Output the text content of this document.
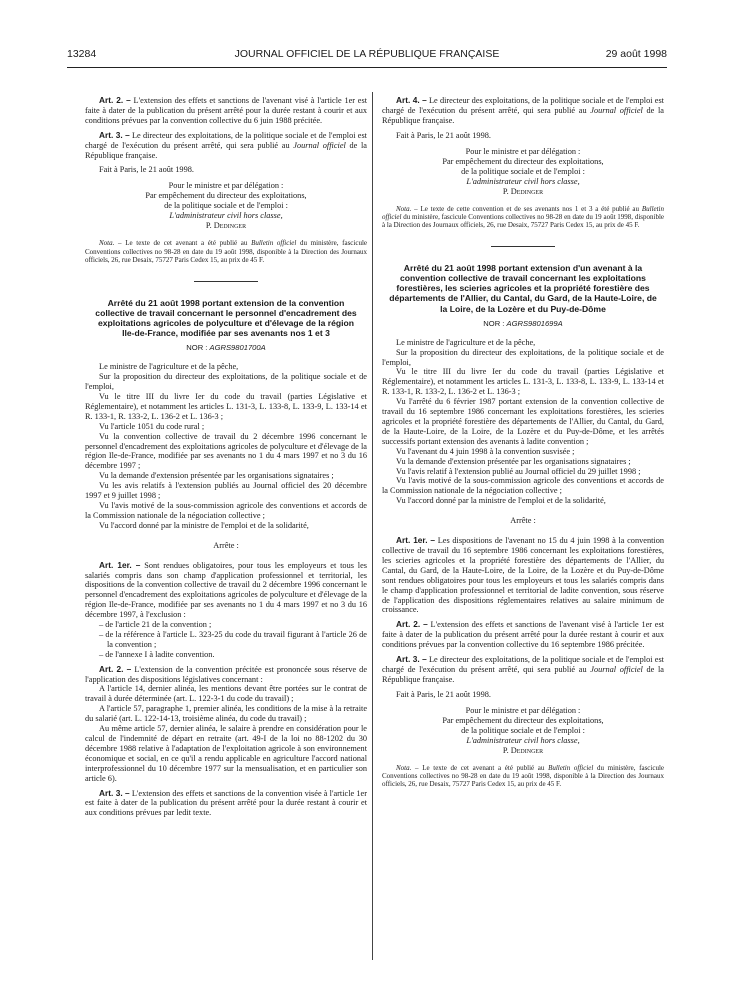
13284	JOURNAL OFFICIEL DE LA RÉPUBLIQUE FRANÇAISE	29 août 1998

Art. 2. – L'extension des effets et sanctions de l'avenant visé à l'article 1er est faite à dater de la publication du présent arrêté pour la durée restant à courir et aux conditions prévues par la convention collective du 6 juin 1988 précitée.

Art. 3. – Le directeur des exploitations, de la politique sociale et de l'emploi est chargé de l'exécution du présent arrêté, qui sera publié au Journal officiel de la République française.

Fait à Paris, le 21 août 1998.

Pour le ministre et par délégation :
Par empêchement du directeur des exploitations,
de la politique sociale et de l'emploi :
L'administrateur civil hors classe,
P. Dedinger

Nota. – Le texte de cet avenant a été publié au Bulletin officiel du ministère, fascicule Conventions collectives no 98-28 en date du 19 août 1998, disponible à la Direction des Journaux officiels, 26, rue Desaix, 75727 Paris Cedex 15, au prix de 45 F.

Arrêté du 21 août 1998 portant extension de la convention collective de travail concernant le personnel d'encadrement des exploitations agricoles de polyculture et d'élevage de la région Ile-de-France, modifiée par ses avenants nos 1 et 3
NOR : AGRS9801700A

Le ministre de l'agriculture et de la pêche,

Sur la proposition du directeur des exploitations, de la politique sociale et de l'emploi,

Vu le titre III du livre Ier du code du travail (parties Législative et Réglementaire), et notamment les articles L. 131-3, L. 133-8, L. 133-9, L. 133-14 et R. 133-1, R. 133-2, L. 136-2 et L. 136-3 ;

Vu l'article 1051 du code rural ;

Vu la convention collective de travail du 2 décembre 1996 concernant le personnel d'encadrement des exploitations agricoles de polyculture et d'élevage de la région Ile-de-France, modifiée par ses avenants no 1 du 4 mars 1997 et no 3 du 16 décembre 1997 ;

Vu la demande d'extension présentée par les organisations signataires ;

Vu les avis relatifs à l'extension publiés au Journal officiel des 20 décembre 1997 et 9 juillet 1998 ;

Vu l'avis motivé de la sous-commission agricole des conventions et accords de la Commission nationale de la négociation collective ;

Vu l'accord donné par la ministre de l'emploi et de la solidarité,

Arrête :

Art. 1er. – Sont rendues obligatoires, pour tous les employeurs et tous les salariés compris dans son champ d'application professionnel et territorial, les dispositions de la convention collective de travail du 2 décembre 1996 concernant le personnel d'encadrement des exploitations agricoles de polyculture et d'élevage de la région Ile-de-France, modifiée par ses avenants no 1 du 4 mars 1997 et no 3 du 16 décembre 1997, à l'exclusion :

– de l'article 21 de la convention ;

– de la référence à l'article L. 323-25 du code du travail figurant à l'article 26 de la convention ;

– de l'annexe I à ladite convention.

Art. 2. – L'extension de la convention précitée est prononcée sous réserve de l'application des dispositions législatives concernant :

A l'article 14, dernier alinéa, les mentions devant être portées sur le contrat de travail à durée déterminée (art. L. 122-3-1 du code du travail) ;

A l'article 57, paragraphe 1, premier alinéa, les conditions de la mise à la retraite du salarié (art. L. 122-14-13, troisième alinéa, du code du travail) ;

Au même article 57, dernier alinéa, le salaire à prendre en considération pour le calcul de l'indemnité de départ en retraite (art. 49-I de la loi no 88-1202 du 30 décembre 1988 relative à l'adaptation de l'exploitation agricole à son environnement économique et social, en ce qu'il a rendu applicable en agriculture l'accord national interprofessionnel du 10 décembre 1977 sur la mensualisation, et en particulier son article 6).

Art. 3. – L'extension des effets et sanctions de la convention visée à l'article 1er est faite à dater de la publication du présent arrêté pour la durée restant à courir et aux conditions prévues par ledit texte.

Art. 4. – Le directeur des exploitations, de la politique sociale et de l'emploi est chargé de l'exécution du présent arrêté, qui sera publié au Journal officiel de la République française.

Fait à Paris, le 21 août 1998.

Pour le ministre et par délégation :
Par empêchement du directeur des exploitations,
de la politique sociale et de l'emploi :
L'administrateur civil hors classe,
P. Dedinger

Nota. – Le texte de cette convention et de ses avenants nos 1 et 3 a été publié au Bulletin officiel du ministère, fascicule Conventions collectives no 98-28 en date du 19 août 1998, disponible à la Direction des Journaux officiels, 26, rue Desaix, 75727 Paris Cedex 15, au prix de 45 F.

Arrêté du 21 août 1998 portant extension d'un avenant à la convention collective de travail concernant les exploitations forestières, les scieries agricoles et la propriété forestière des départements de l'Allier, du Cantal, du Gard, de la Haute-Loire, de la Loire, de la Lozère et du Puy-de-Dôme
NOR : AGRS9801699A

Le ministre de l'agriculture et de la pêche,

Sur la proposition du directeur des exploitations, de la politique sociale et de l'emploi,

Vu le titre III du livre Ier du code du travail (parties Législative et Réglementaire), et notamment les articles L. 131-3, L. 133-8, L. 133-9, L. 133-14 et R. 133-1, R. 133-2, L. 136-2 et L. 136-3 ;

Vu l'arrêté du 6 février 1987 portant extension de la convention collective de travail du 16 septembre 1986 concernant les exploitations forestières, les scieries agricoles et la propriété forestière des départements de l'Allier, du Cantal, du Gard, de la Haute-Loire, de la Loire, de la Lozère et du Puy-de-Dôme, et les arrêtés successifs portant extension des avenants à ladite convention ;

Vu l'avenant du 4 juin 1998 à la convention susvisée ;

Vu la demande d'extension présentée par les organisations signataires ;

Vu l'avis relatif à l'extension publié au Journal officiel du 29 juillet 1998 ;

Vu l'avis motivé de la sous-commission agricole des conventions et accords de la Commission nationale de la négociation collective ;

Vu l'accord donné par la ministre de l'emploi et de la solidarité,

Arrête :

Art. 1er. – Les dispositions de l'avenant no 15 du 4 juin 1998 à la convention collective de travail du 16 septembre 1986 concernant les exploitations forestières, les scieries agricoles et la propriété forestière des départements de l'Allier, du Cantal, du Gard, de la Haute-Loire, de la Loire, de la Lozère et du Puy-de-Dôme sont rendues obligatoires pour tous les employeurs et tous les salariés compris dans le champ d'application professionnel et territorial de ladite convention, sous réserve de l'application des dispositions réglementaires relatives au salaire minimum de croissance.

Art. 2. – L'extension des effets et sanctions de l'avenant visé à l'article 1er est faite à dater de la publication du présent arrêté pour la durée restant à courir et aux conditions prévues par la convention collective du 16 septembre 1986 précitée.

Art. 3. – Le directeur des exploitations, de la politique sociale et de l'emploi est chargé de l'exécution du présent arrêté, qui sera publié au Journal officiel de la République française.

Fait à Paris, le 21 août 1998.

Pour le ministre et par délégation :
Par empêchement du directeur des exploitations,
de la politique sociale et de l'emploi :
L'administrateur civil hors classe,
P. Dedinger

Nota. – Le texte de cet avenant a été publié au Bulletin officiel du ministère, fascicule Conventions collectives no 98-28 en date du 19 août 1998, disponible à la Direction des Journaux officiels, 26, rue Desaix, 75727 Paris Cedex 15, au prix de 45 F.
